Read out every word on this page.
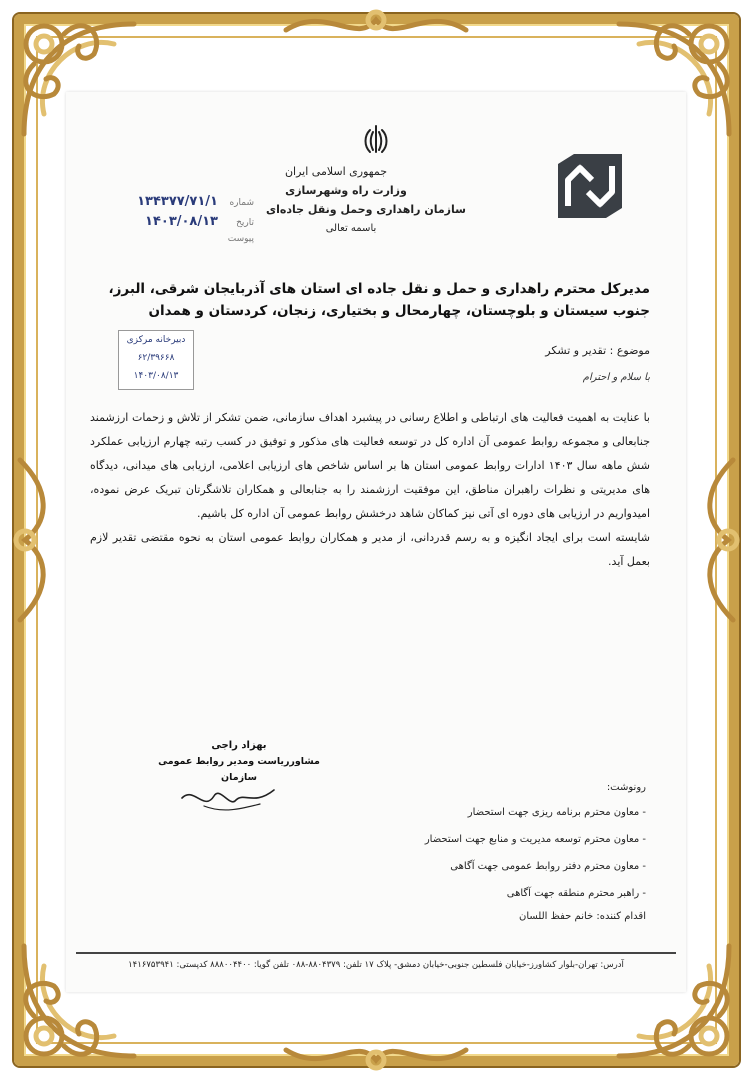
جمهوری اسلامی ایران
وزارت راه وشهرسازی
سازمان راهداری وحمل ونقل جاده‌ای
باسمه تعالی
شماره
۱۳۴۳۷۷/۷۱/۱
تاریخ
۱۴۰۳/۰۸/۱۳
پیوست
مدیرکل محترم راهداری و حمل و نقل جاده ای استان های آذربایجان شرقی، البرز، جنوب سیستان و بلوچستان، چهارمحال و بختیاری، زنجان، کردستان و همدان
دبیرخانه مرکزی
۶۲/۳۹۶۶۸
۱۴۰۳/۰۸/۱۳
موضوع : تقدیر و تشکر
با سلام و احترام

با عنایت به اهمیت فعالیت های ارتباطی و اطلاع رسانی در پیشبرد اهداف سازمانی، ضمن تشکر از تلاش و زحمات ارزشمند جنابعالی و مجموعه روابط عمومی آن اداره کل در توسعه فعالیت های مذکور و توفیق در کسب رتبه چهارم ارزیابی عملکرد شش ماهه سال ۱۴۰۳ ادارات روابط عمومی استان ها بر اساس شاخص های ارزیابی اعلامی، ارزیابی های میدانی، دیدگاه های مدیریتی و نظرات راهبران مناطق، این موفقیت ارزشمند را به جنابعالی و همکاران تلاشگرتان تبریک عرض نموده، امیدواریم در ارزیابی های دوره ای آتی نیز کماکان شاهد درخشش روابط عمومی آن اداره کل باشیم.

شایسته است برای ایجاد انگیزه و به رسم قدردانی، از مدیر و همکاران روابط عمومی استان به نحوه مقتضی تقدیر لازم بعمل آید.

بهزاد راجی
مشاوررياست ومدير روابط عمومی سازمان
رونوشت:
- معاون محترم برنامه ریزی جهت استحضار
- معاون محترم توسعه مدیریت و منابع جهت استحضار
- معاون محترم دفتر روابط عمومی جهت آگاهی
- راهبر محترم منطقه جهت آگاهی
اقدام کننده: خانم حفظ اللسان
آدرس: تهران-بلوار کشاورز-خیابان فلسطین جنوبی-خیابان دمشق- پلاک ۱۷ تلفن: ۸۸۰۴۳۷۹-۰۸۸ تلفن گویا: ۸۸۸۰۰۴۴۰۰ کدپستی: ۱۴۱۶۷۵۳۹۴۱
